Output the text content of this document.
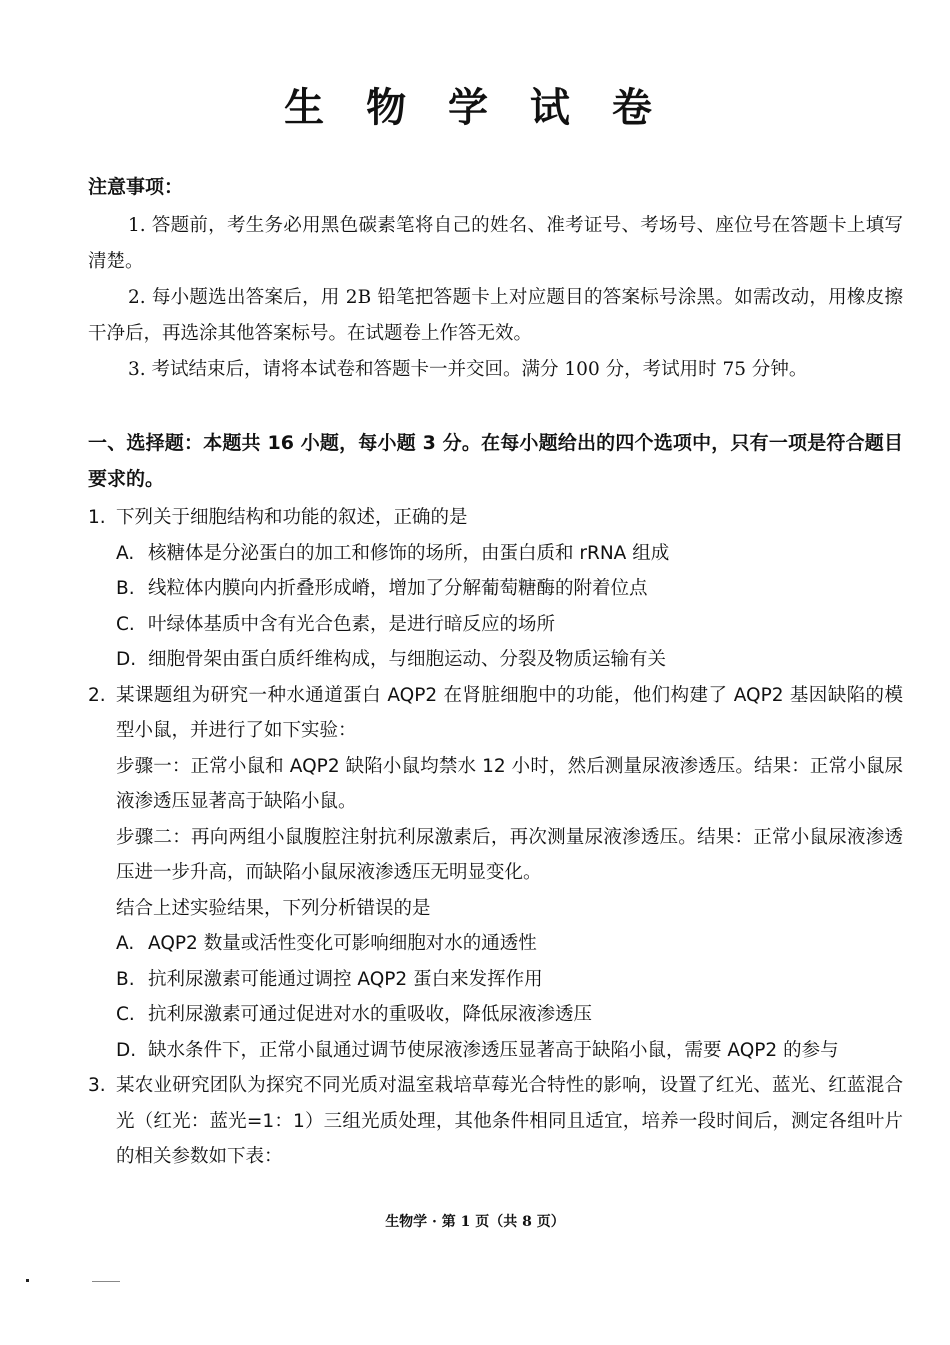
生 物 学 试 卷
注意事项：

1. 答题前，考生务必用黑色碳素笔将自己的姓名、准考证号、考场号、座位号在答题卡上填写清楚。

2. 每小题选出答案后，用 2B 铅笔把答题卡上对应题目的答案标号涂黑。如需改动，用橡皮擦干净后，再选涂其他答案标号。在试题卷上作答无效。

3. 考试结束后，请将本试卷和答题卡一并交回。满分 100 分，考试用时 75 分钟。

一、选择题：本题共 16 小题，每小题 3 分。在每小题给出的四个选项中，只有一项是符合题目要求的。
1. 下列关于细胞结构和功能的叙述，正确的是
A. 核糖体是分泌蛋白的加工和修饰的场所，由蛋白质和 rRNA 组成
B. 线粒体内膜向内折叠形成嵴，增加了分解葡萄糖酶的附着位点
C. 叶绿体基质中含有光合色素，是进行暗反应的场所
D. 细胞骨架由蛋白质纤维构成，与细胞运动、分裂及物质运输有关
2. 某课题组为研究一种水通道蛋白 AQP2 在肾脏细胞中的功能，他们构建了 AQP2 基因缺陷的模型小鼠，并进行了如下实验：
步骤一：正常小鼠和 AQP2 缺陷小鼠均禁水 12 小时，然后测量尿液渗透压。结果：正常小鼠尿液渗透压显著高于缺陷小鼠。
步骤二：再向两组小鼠腹腔注射抗利尿激素后，再次测量尿液渗透压。结果：正常小鼠尿液渗透压进一步升高，而缺陷小鼠尿液渗透压无明显变化。
结合上述实验结果，下列分析错误的是
A. AQP2 数量或活性变化可影响细胞对水的通透性
B. 抗利尿激素可能通过调控 AQP2 蛋白来发挥作用
C. 抗利尿激素可通过促进对水的重吸收，降低尿液渗透压
D. 缺水条件下，正常小鼠通过调节使尿液渗透压显著高于缺陷小鼠，需要 AQP2 的参与
3. 某农业研究团队为探究不同光质对温室栽培草莓光合特性的影响，设置了红光、蓝光、红蓝混合光（红光：蓝光=1：1）三组光质处理，其他条件相同且适宜，培养一段时间后，测定各组叶片的相关参数如下表：
生物学 · 第 1 页（共 8 页）
